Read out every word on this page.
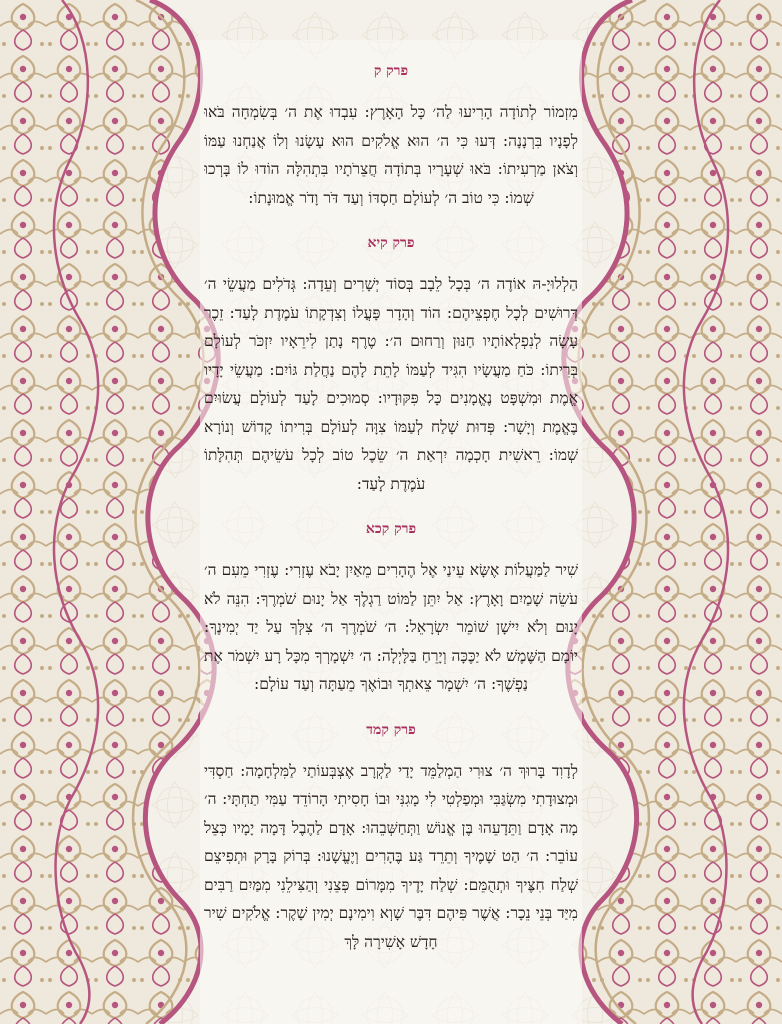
פרק ק

מִזְמוֹר לְתוֹדָה הָרִיעוּ לַה׳ כָּל הָאָרֶץ: עִבְדוּ אֶת ה׳ בְּשִׂמְחָה בֹּאוּ לְפָנָיו בִּרְנָנָה: דְּעוּ כִּי ה׳ הוּא אֱלֹקִים הוּא עָשָׂנוּ וְלוֹ אֲנַחְנוּ עַמּוֹ וְצֹאן מַרְעִיתוֹ: בֹּאוּ שְׁעָרָיו בְּתוֹדָה חֲצֵרֹתָיו בִּתְהִלָּה הוֹדוּ לוֹ בָּרְכוּ שְׁמוֹ: כִּי טוֹב ה׳ לְעוֹלָם חַסְדּוֹ וְעַד דֹּר וָדֹר אֱמוּנָתוֹ:

פרק קיא

הַלְלוּיָ-הּ אוֹדֶה ה׳ בְּכָל לֵבָב בְּסוֹד יְשָׁרִים וְעֵדָה: גְּדֹלִים מַעֲשֵׂי ה׳ דְּרוּשִׁים לְכָל חֶפְצֵיהֶם: הוֹד וְהָדָר פָּעֳלוֹ וְצִדְקָתוֹ עֹמֶדֶת לָעַד: זֵכֶר עָשָׂה לְנִפְלְאוֹתָיו חַנּוּן וְרַחוּם ה׳: טֶרֶף נָתַן לִירֵאָיו יִזְכֹּר לְעוֹלָם בְּרִיתוֹ: כֹּחַ מַעֲשָׂיו הִגִּיד לְעַמּוֹ לָתֵת לָהֶם נַחֲלַת גּוֹיִם: מַעֲשֵׂי יָדָיו אֱמֶת וּמִשְׁפָּט נֶאֱמָנִים כָּל פִּקּוּדָיו: סְמוּכִים לָעַד לְעוֹלָם עֲשׂוּיִם בֶּאֱמֶת וְיָשָׁר: פְּדוּת שָׁלַח לְעַמּוֹ צִוָּה לְעוֹלָם בְּרִיתוֹ קָדוֹשׁ וְנוֹרָא שְׁמוֹ: רֵאשִׁית חָכְמָה יִרְאַת ה׳ שֵׂכֶל טוֹב לְכָל עֹשֵׂיהֶם תְּהִלָּתוֹ עֹמֶדֶת לָעַד:

פרק קכא

שִׁיר לַמַּעֲלוֹת אֶשָּׂא עֵינַי אֶל הֶהָרִים מֵאַיִן יָבֹא עֶזְרִי: עֶזְרִי מֵעִם ה׳ עֹשֵׂה שָׁמַיִם וָאָרֶץ: אַל יִתֵּן לַמּוֹט רַגְלֶךָ אַל יָנוּם שֹׁמְרֶךָ: הִנֵּה לֹא יָנוּם וְלֹא יִישָׁן שׁוֹמֵר יִשְׂרָאֵל: ה׳ שֹׁמְרֶךָ ה׳ צִלְּךָ עַל יַד יְמִינֶךָ: יוֹמָם הַשֶּׁמֶשׁ לֹא יַכֶּכָּה וְיָרֵחַ בַּלָּיְלָה: ה׳ יִשְׁמָרְךָ מִכָּל רָע יִשְׁמֹר אֶת נַפְשֶׁךָ: ה׳ יִשְׁמָר צֵאתְךָ וּבוֹאֶךָ מֵעַתָּה וְעַד עוֹלָם:

פרק קמד

לְדָוִד בָּרוּךְ ה׳ צוּרִי הַמְלַמֵּד יָדַי לַקְרָב אֶצְבְּעוֹתַי לַמִּלְחָמָה: חַסְדִּי וּמְצוּדָתִי מִשְׂגַּבִּי וּמְפַלְטִי לִי מָגִנִּי וּבוֹ חָסִיתִי הָרוֹדֵד עַמִּי תַחְתָּי: ה׳ מָה אָדָם וַתֵּדָעֵהוּ בֶּן אֱנוֹשׁ וַתְּחַשְּׁבֵהוּ: אָדָם לַהֶבֶל דָּמָה יָמָיו כְּצֵל עוֹבֵר: ה׳ הַט שָׁמֶיךָ וְתֵרֵד גַּע בֶּהָרִים וְיֶעֱשָׁנוּ: בְּרוֹק בָּרָק וּתְפִיצֵם שְׁלַח חִצֶּיךָ וּתְהֻמֵּם: שְׁלַח יָדֶיךָ מִמָּרוֹם פְּצֵנִי וְהַצִּילֵנִי מִמַּיִם רַבִּים מִיַּד בְּנֵי נֵכָר: אֲשֶׁר פִּיהֶם דִּבֶּר שָׁוְא וִימִינָם יְמִין שָׁקֶר: אֱלֹקִים שִׁיר חָדָשׁ אָשִׁירָה לָּךְ
